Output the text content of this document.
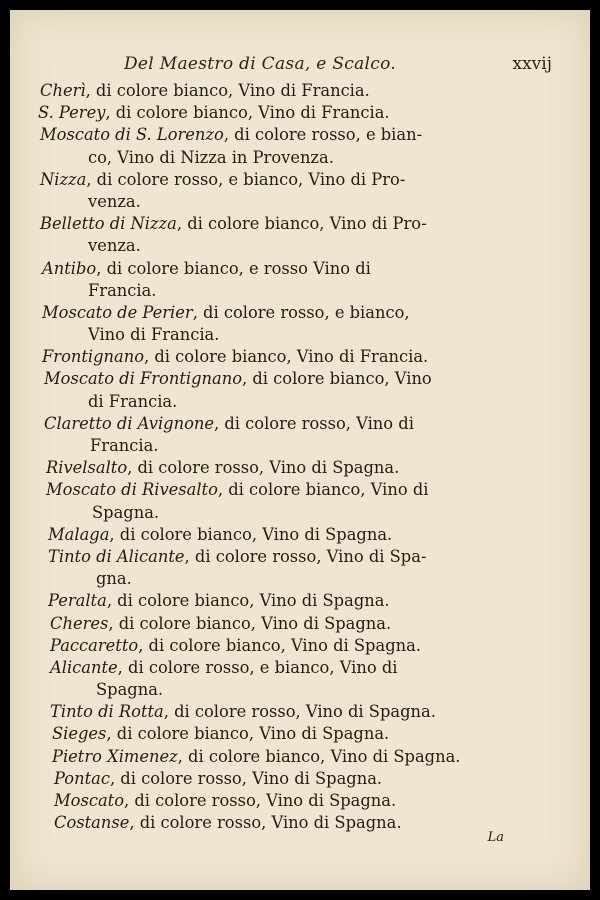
Del Maestro di Casa, e Scalco.	xxvij
Cherì, di colore bianco, Vino di Francia.
S. Perey, di colore bianco, Vino di Francia.
Moscato di S. Lorenzo, di colore rosso, e bian-
co, Vino di Nizza in Provenza.
Nizza, di colore rosso, e bianco, Vino di Pro-
venza.
Belletto di Nizza, di colore bianco, Vino di Pro-
venza.
Antibo, di colore bianco, e rosso Vino di
Francia.
Moscato de Perier, di colore rosso, e bianco,
Vino di Francia.
Frontignano, di colore bianco, Vino di Francia.
Moscato di Frontignano, di colore bianco, Vino
di Francia.
Claretto di Avignone, di colore rosso, Vino di
Francia.
Rivelsalto, di colore rosso, Vino di Spagna.
Moscato di Rivesalto, di colore bianco, Vino di
Spagna.
Malaga, di colore bianco, Vino di Spagna.
Tinto di Alicante, di colore rosso, Vino di Spa-
gna.
Peralta, di colore bianco, Vino di Spagna.
Cheres, di colore bianco, Vino di Spagna.
Paccaretto, di colore bianco, Vino di Spagna.
Alicante, di colore rosso, e bianco, Vino di
Spagna.
Tinto di Rotta, di colore rosso, Vino di Spagna.
Sieges, di colore bianco, Vino di Spagna.
Pietro Ximenez, di colore bianco, Vino di Spagna.
Pontac, di colore rosso, Vino di Spagna.
Moscato, di colore rosso, Vino di Spagna.
Costanse, di colore rosso, Vino di Spagna.
La
